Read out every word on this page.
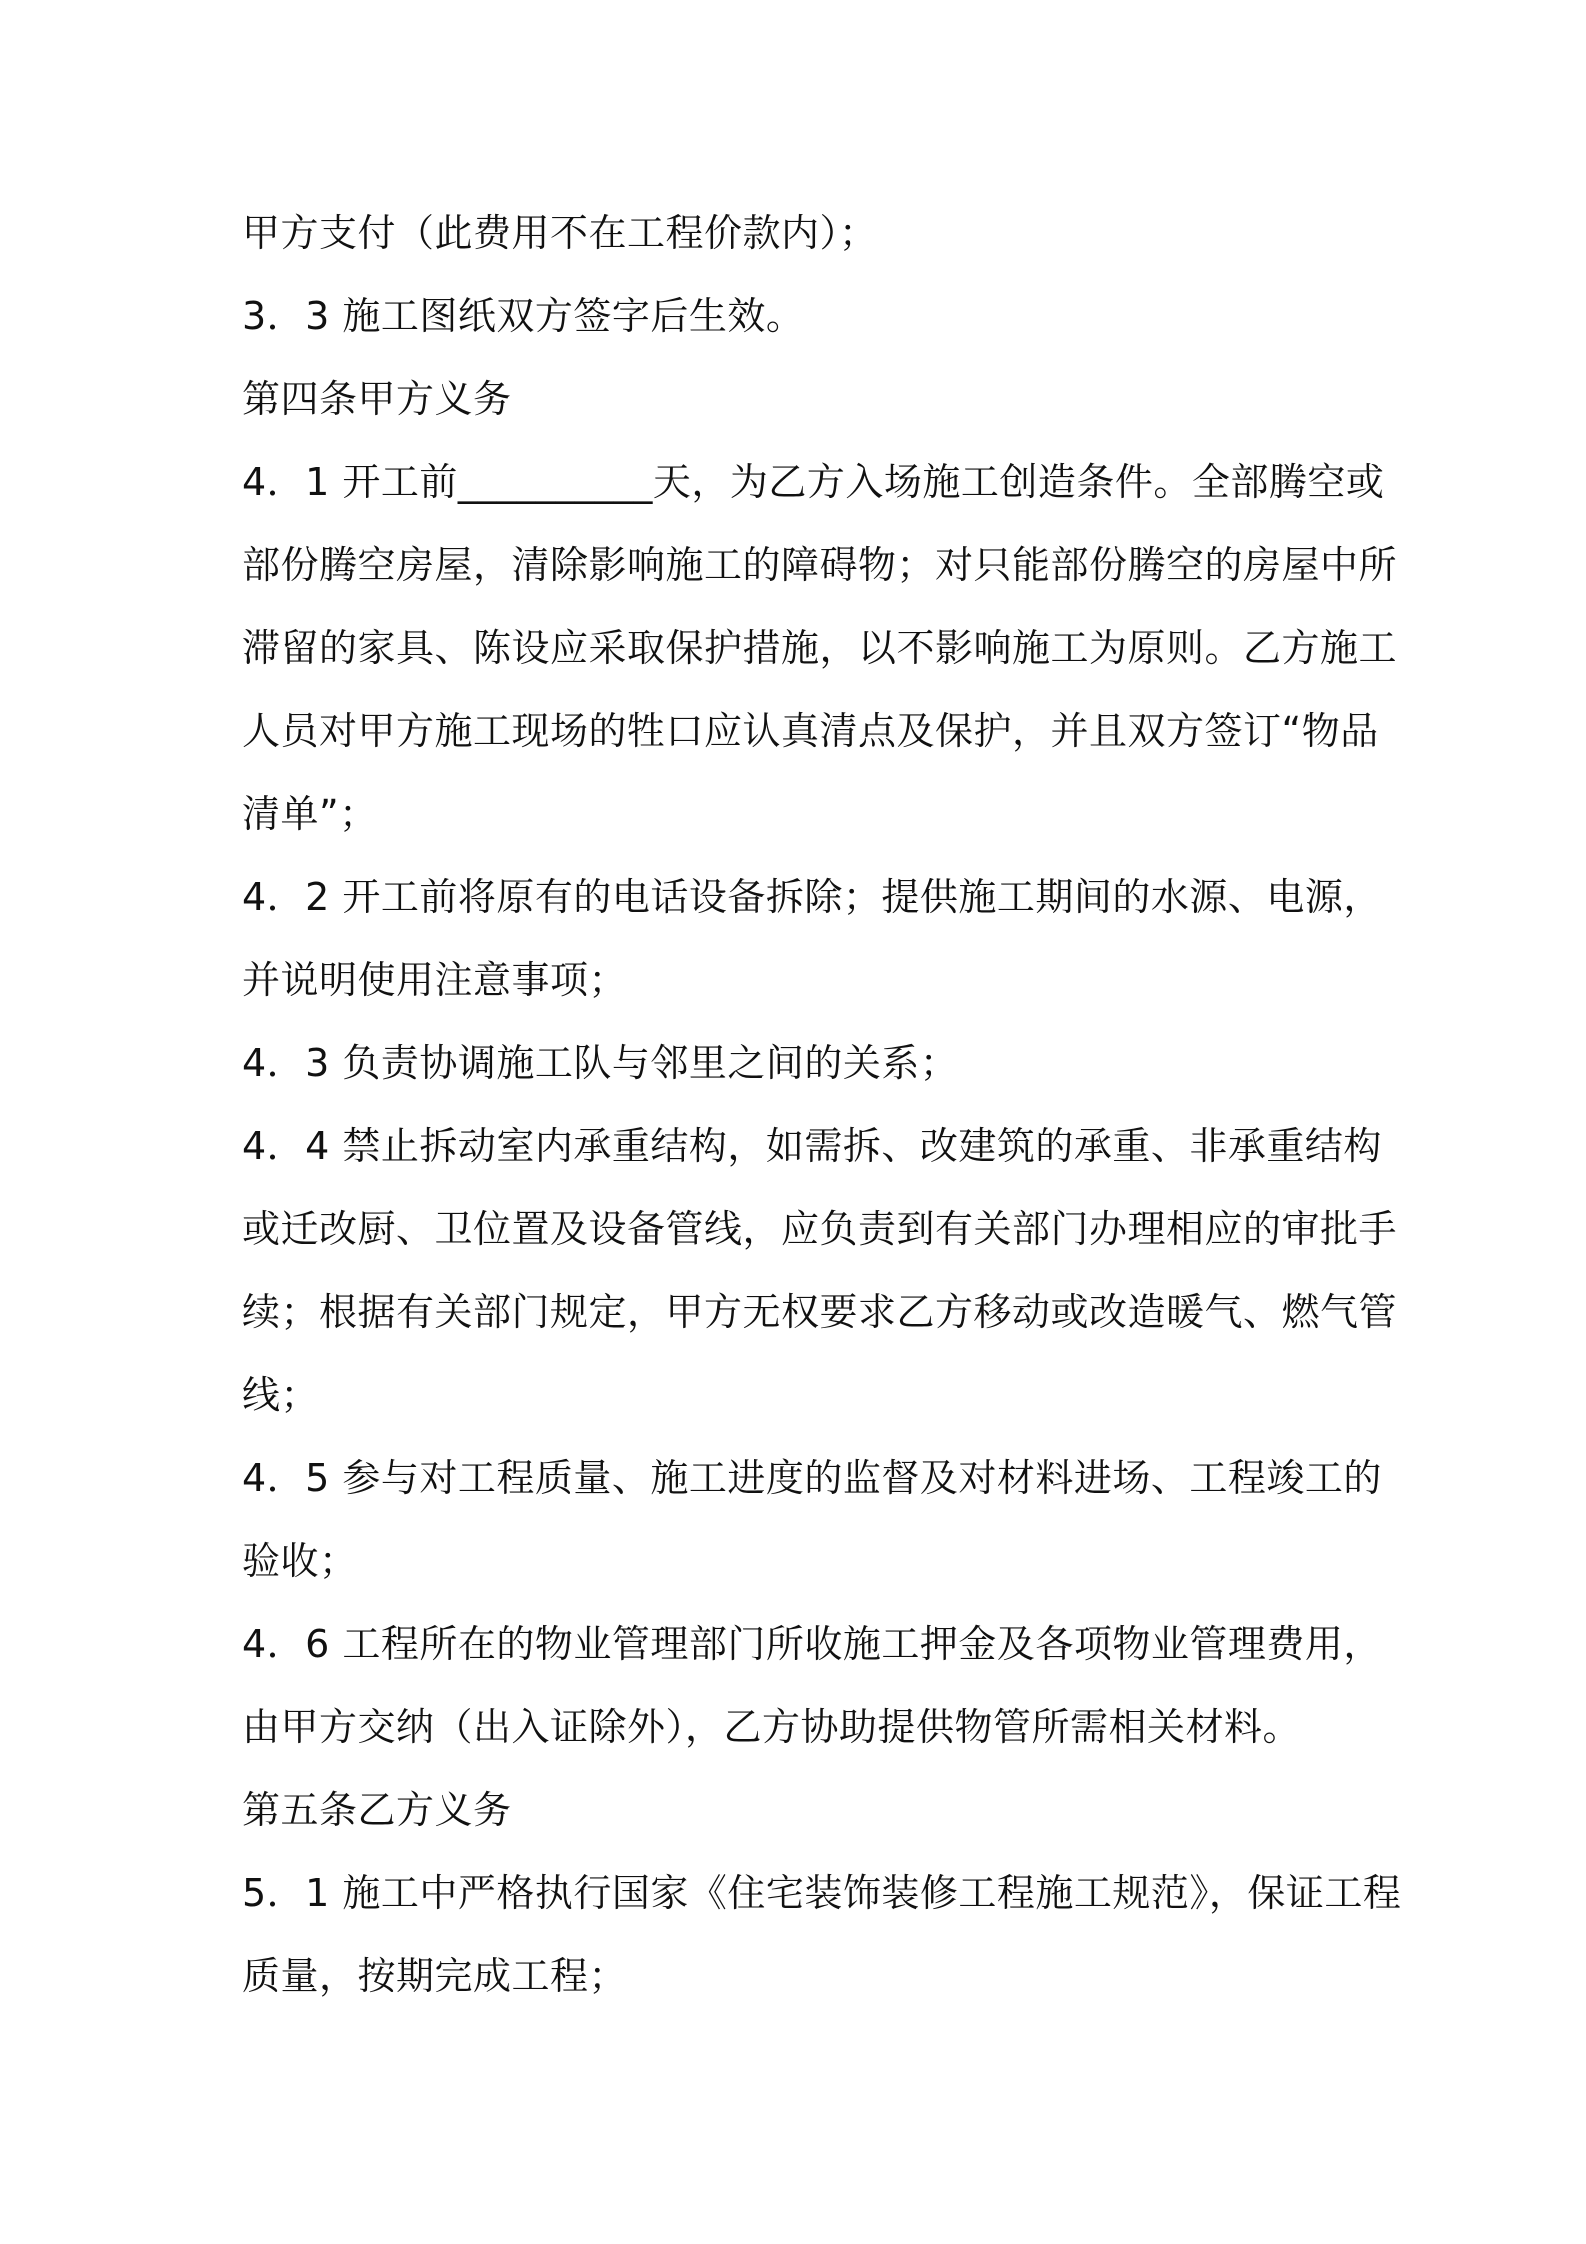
甲方支付（此费用不在工程价款内）；

3．3 施工图纸双方签字后生效。

第四条甲方义务

4．1 开工前__________天，为乙方入场施工创造条件。全部腾空或

部份腾空房屋，清除影响施工的障碍物；对只能部份腾空的房屋中所

滞留的家具、陈设应采取保护措施，以不影响施工为原则。乙方施工

人员对甲方施工现场的牲口应认真清点及保护，并且双方签订“物品

清单”；

4．2 开工前将原有的电话设备拆除；提供施工期间的水源、电源，

并说明使用注意事项；

4．3 负责协调施工队与邻里之间的关系；

4．4 禁止拆动室内承重结构，如需拆、改建筑的承重、非承重结构

或迁改厨、卫位置及设备管线，应负责到有关部门办理相应的审批手

续；根据有关部门规定，甲方无权要求乙方移动或改造暖气、燃气管

线；

4．5 参与对工程质量、施工进度的监督及对材料进场、工程竣工的

验收；

4．6 工程所在的物业管理部门所收施工押金及各项物业管理费用，

由甲方交纳（出入证除外），乙方协助提供物管所需相关材料。

第五条乙方义务

5．1 施工中严格执行国家《住宅装饰装修工程施工规范》，保证工程

质量，按期完成工程；
